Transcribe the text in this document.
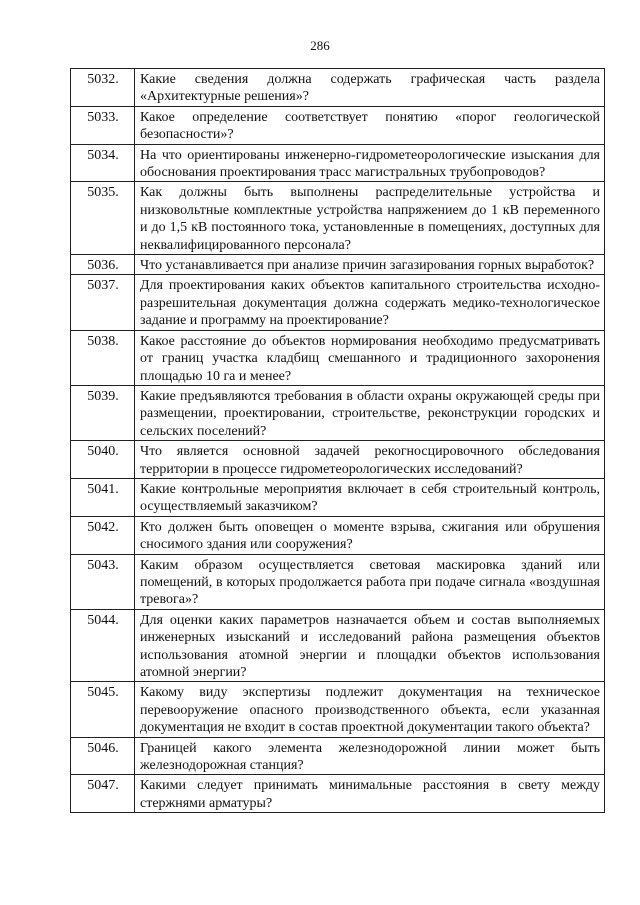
286
5032.	Какие сведения должна содержать графическая часть раздела «Архитектурные решения»?
5033.	Какое определение соответствует понятию «порог геологической безопасности»?
5034.	На что ориентированы инженерно-гидрометеорологические изыскания для обоснования проектирования трасс магистральных трубопроводов?
5035.	Как должны быть выполнены распределительные устройства и низковольтные комплектные устройства напряжением до 1 кВ переменного и до 1,5 кВ постоянного тока, установленные в помещениях, доступных для неквалифицированного персонала?
5036.	Что устанавливается при анализе причин загазирования горных выработок?
5037.	Для проектирования каких объектов капитального строительства исходно-разрешительная документация должна содержать медико-технологическое задание и программу на проектирование?
5038.	Какое расстояние до объектов нормирования необходимо предусматривать от границ участка кладбищ смешанного и традиционного захоронения площадью 10 га и менее?
5039.	Какие предъявляются требования в области охраны окружающей среды при размещении, проектировании, строительстве, реконструкции городских и сельских поселений?
5040.	Что является основной задачей рекогносцировочного обследования территории в процессе гидрометеорологических исследований?
5041.	Какие контрольные мероприятия включает в себя строительный контроль, осуществляемый заказчиком?
5042.	Кто должен быть оповещен о моменте взрыва, сжигания или обрушения сносимого здания или сооружения?
5043.	Каким образом осуществляется световая маскировка зданий или помещений, в которых продолжается работа при подаче сигнала «воздушная тревога»?
5044.	Для оценки каких параметров назначается объем и состав выполняемых инженерных изысканий и исследований района размещения объектов использования атомной энергии и площадки объектов использования атомной энергии?
5045.	Какому виду экспертизы подлежит документация на техническое перевооружение опасного производственного объекта, если указанная документация не входит в состав проектной документации такого объекта?
5046.	Границей какого элемента железнодорожной линии может быть железнодорожная станция?
5047.	Какими следует принимать минимальные расстояния в свету между стержнями арматуры?
